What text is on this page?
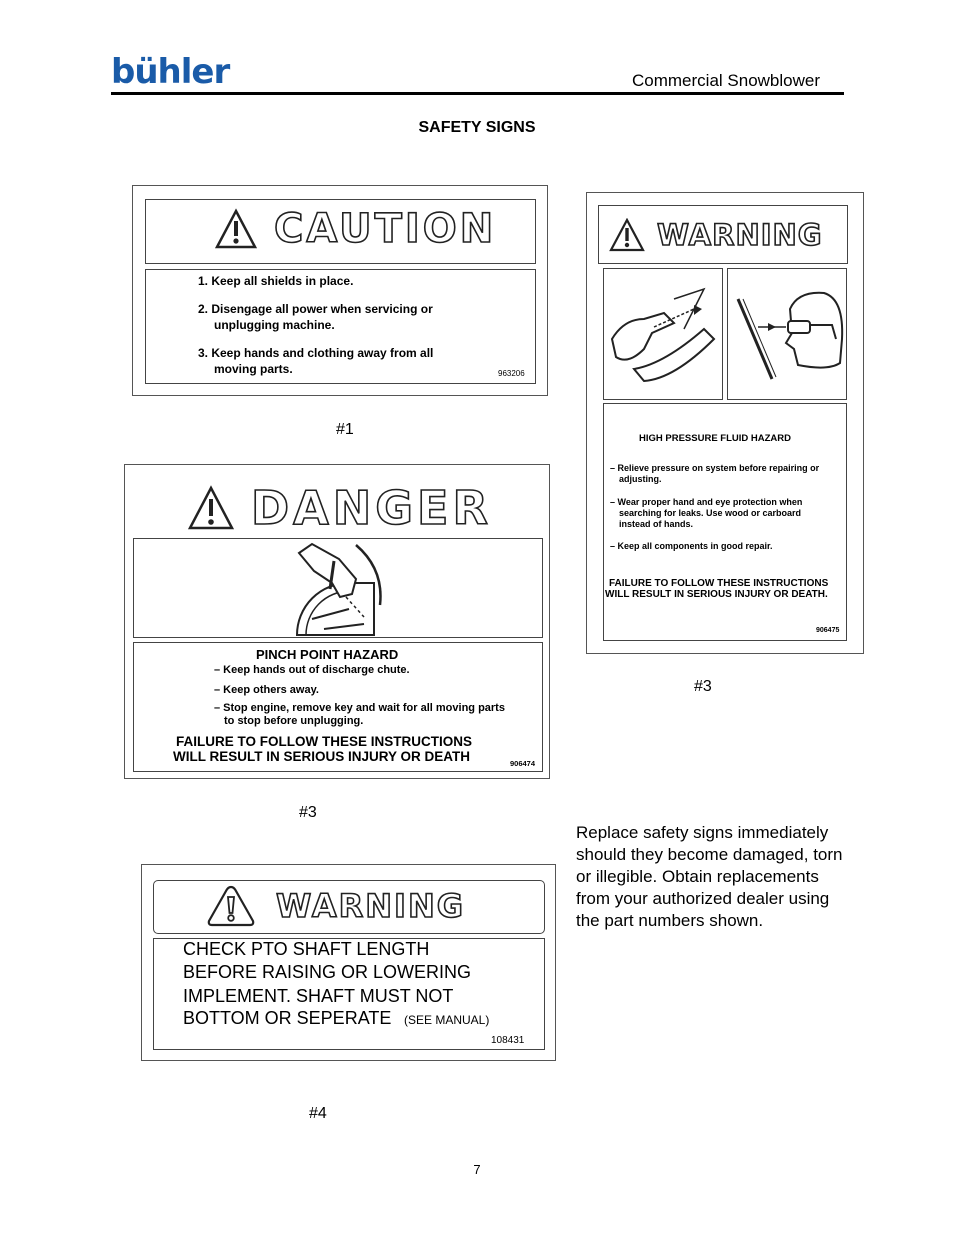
bühler	Commercial Snowblower
SAFETY SIGNS
CAUTION
1. Keep all shields in place.
2. Disengage all power when servicing or
unplugging machine.
3. Keep hands and clothing away from all
moving parts.	963206
#1
DANGER
PINCH POINT HAZARD
– Keep hands out of discharge chute.
– Keep others away.
– Stop engine, remove key and wait for all moving parts
to stop before unplugging.
FAILURE TO FOLLOW THESE INSTRUCTIONS
WILL RESULT IN SERIOUS INJURY OR DEATH	906474
#3
WARNING
HIGH PRESSURE FLUID HAZARD
– Relieve pressure on system before repairing or
adjusting.
– Wear proper hand and eye protection when
searching for leaks. Use wood or carboard
instead of hands.
– Keep all components in good repair.
FAILURE TO FOLLOW THESE INSTRUCTIONS
WILL RESULT IN SERIOUS INJURY OR DEATH.
906475
#3
Replace safety signs immediately should they become damaged, torn or illegible. Obtain replacements from your authorized dealer using the part numbers shown.
WARNING
CHECK PTO SHAFT LENGTH
BEFORE RAISING OR LOWERING
IMPLEMENT. SHAFT MUST NOT
BOTTOM OR SEPERATE (SEE MANUAL)
108431
#4
7
